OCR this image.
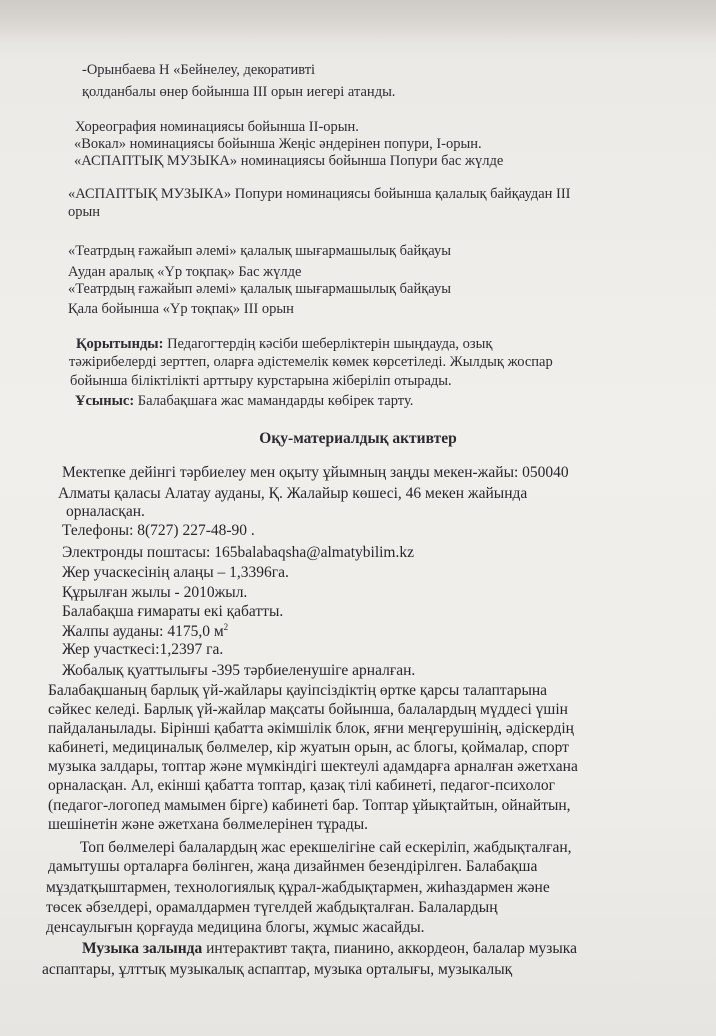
-Орынбаева Н «Бейнелеу, декоративті
қолданбалы өнер бойынша III орын иегері атанды.
Хореография номинациясы бойынша II-орын.
«Вокал» номинациясы бойынша Жеңіс әндерінен попури, I-орын.
«АСПАПТЫҚ МУЗЫКА» номинациясы бойынша Попури бас жүлде
«АСПАПТЫҚ МУЗЫКА» Попури номинациясы бойынша қалалық байқаудан III
орын
«Театрдың ғажайып әлемі» қалалық шығармашылық байқауы
Аудан аралық «Үр тоқпақ» Бас жүлде
«Театрдың ғажайып әлемі» қалалық шығармашылық байқауы
Қала бойынша «Үр тоқпақ» III орын
Қорытынды: Педагогтердің кәсіби шеберліктерін шыңдауда, озық
тәжірибелерді зерттеп, оларға әдістемелік көмек көрсетіледі. Жылдық жоспар
бойынша біліктілікті арттыру курстарына жіберіліп отырады.
Ұсыныс: Балабақшаға жас мамандарды көбірек тарту.
Оқу-материалдық активтер
Мектепке дейінгі тәрбиелеу мен оқыту ұйымның заңды мекен-жайы: 050040
Алматы қаласы Алатау ауданы, Қ. Жалайыр көшесі, 46 мекен жайында
орналасқан.
Телефоны: 8(727) 227-48-90 .
Электронды поштасы: 165balabaqsha@almatybilim.kz
Жер учаскесінің алаңы – 1,3396га.
Құрылған жылы - 2010жыл.
Балабақша ғимараты екі қабатты.
Жалпы ауданы: 4175,0 $м^2$
Жер участкесі:1,2397 га.
Жобалық қуаттылығы -395 тәрбиеленушіге арналған.
Балабақшаның барлық үй-жайлары қауіпсіздіктің өртке қарсы талаптарына
сәйкес келеді. Барлық үй-жайлар мақсаты бойынша, балалардың мүддесі үшін
пайдаланылады. Бірінші қабатта әкімшілік блок, яғни меңгерушінің, әдіскердің
кабинеті, медициналық бөлмелер, кір жуатын орын, ас блогы, қоймалар, спорт
музыка залдары, топтар және мүмкіндігі шектеулі адамдарға арналған әжетхана
орналасқан. Ал, екінші қабатта топтар, қазақ тілі кабинеті, педагог-психолог
(педагог-логопед мамымен бірге) кабинеті бар. Топтар ұйықтайтын, ойнайтын,
шешінетін және әжетхана бөлмелерінен тұрады.
Топ бөлмелері балалардың жас ерекшелігіне сай ескеріліп, жабдықталған,
дамытушы орталарға бөлінген, жаңа дизайнмен безендірілген. Балабақша
мұздатқыштармен, технологиялық құрал-жабдықтармен, жиһаздармен және
төсек әбзелдері, орамалдармен түгелдей жабдықталған. Балалардың
денсаулығын қорғауда медицина блогы, жұмыс жасайды.
Музыка залында интерактивт тақта, пианино, аккордеон, балалар музыка
аспаптары, ұлттық музыкалық аспаптар, музыка орталығы, музыкалық
